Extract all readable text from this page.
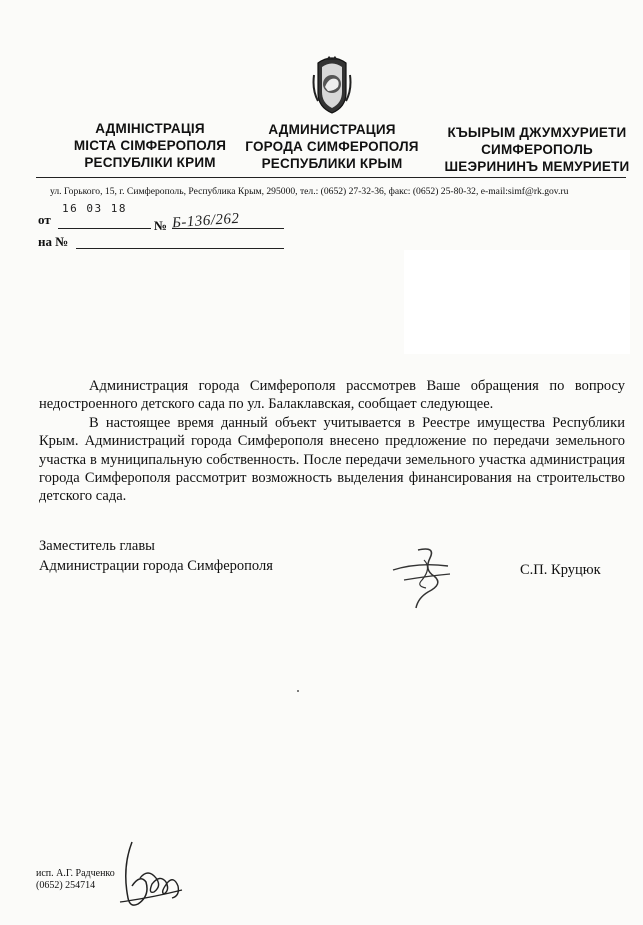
АДМІНІСТРАЦІЯ
МІСТА СІМФЕРОПОЛЯ
РЕСПУБЛІКИ КРИМ
АДМИНИСТРАЦИЯ
ГОРОДА СИМФЕРОПОЛЯ
РЕСПУБЛИКИ КРЫМ
КЪЫРЫМ ДЖУМХУРИЕТИ
СИМФЕРОПОЛЬ
ШЕЭРИНИНЪ МЕМУРИЕТИ
ул. Горького, 15, г. Симферополь, Республика Крым, 295000, тел.: (0652) 27-32-36, факс: (0652) 25-80-32, e-mail:simf@rk.gov.ru
от
16 03 18
№ Б-136/262
на №

Администрация города Симферополя рассмотрев Ваше обращения по вопросу недостроенного детского сада по ул. Балаклавская, сообщает следующее.

В настоящее время данный объект учитывается в Реестре имущества Республики Крым. Администраций города Симферополя внесено предложение по передачи земельного участка в муниципальную собственность. После передачи земельного участка администрация города Симферополя рассмотрит возможность выделения финансирования на строительство детского сада.

Заместитель главы
Администрации города Симферополя	С.П. Круцюк
исп. А.Г. Радченко
(0652) 254714
